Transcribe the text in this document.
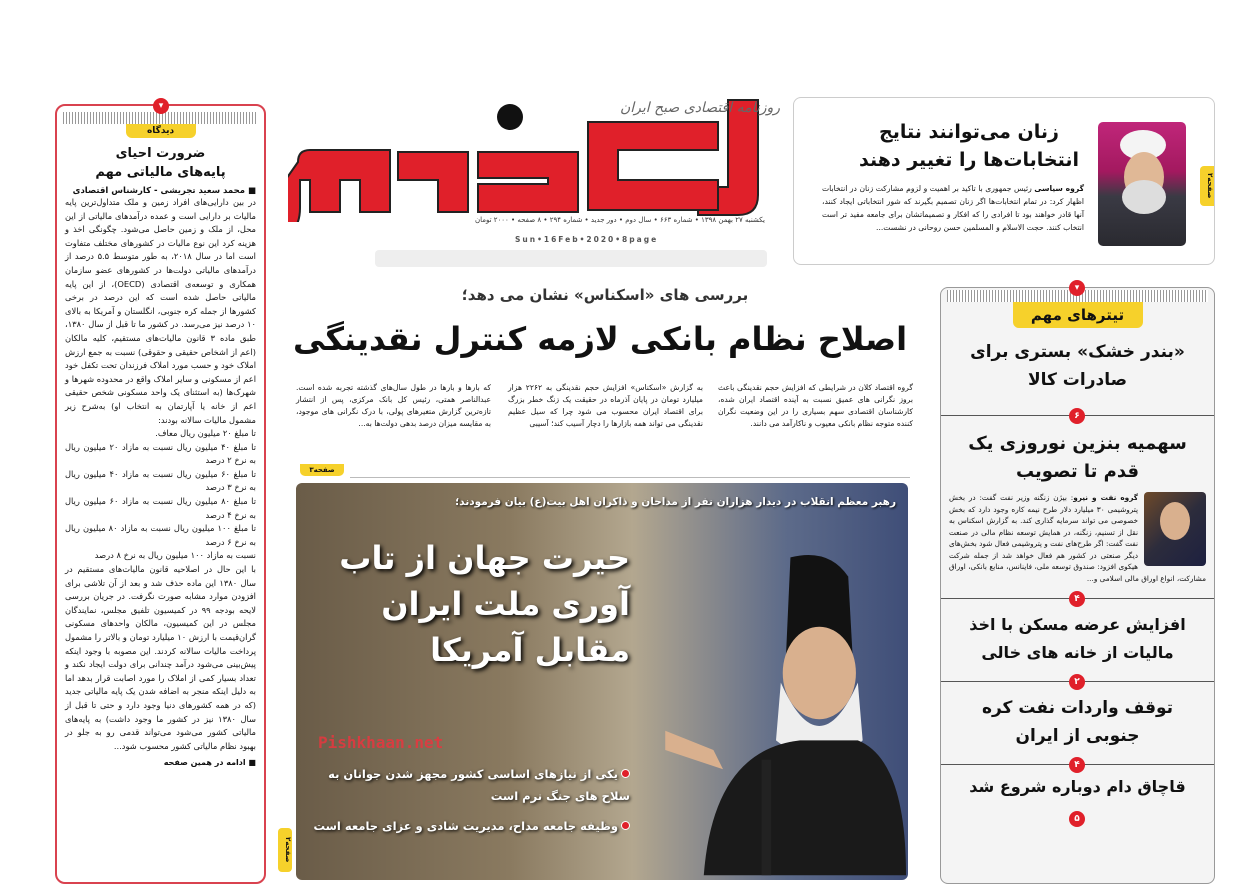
▾
دیدگاه
ضرورت احیای
پایه‌های مالیاتی مهم
■ محمد سعید تجریشی - کارشناس اقتصادی
در بین دارایی‌های افراد زمین و ملک متداول‌ترین پایه مالیات بر دارایی است و عمده درآمدهای مالیاتی از این محل، از ملک و زمین حاصل می‌شود. چگونگی اخذ و هزینه کرد این نوع مالیات در کشورهای مختلف متفاوت است اما در سال ۲۰۱۸، به طور متوسط ۵.۵ درصد از درآمدهای مالیاتی دولت‌ها در کشورهای عضو سازمان همکاری و توسعه‌ی اقتصادی (OECD)، از این پایه مالیاتی حاصل شده است که این درصد در برخی کشورها از جمله کره جنوبی، انگلستان و آمریکا به بالای ۱۰ درصد نیز می‌رسد. در کشور ما تا قبل از سال ۱۳۸۰، طبق ماده ۳ قانون مالیات‌های مستقیم، کلیه مالکان (اعم از اشخاص حقیقی و حقوقی) نسبت به جمع ارزش املاک خود و حسب مورد املاک فرزندان تحت تکفل خود اعم از مسکونی و سایر املاک واقع در محدوده شهرها و شهرک‌ها (به استثنای یک واحد مسکونی شخص حقیقی اعم از خانه یا آپارتمان به انتخاب او) به‌شرح زیر مشمول مالیات سالانه بودند:
تا مبلغ ۲۰ میلیون ریال معاف.
تا مبلغ ۴۰ میلیون ریال نسبت به مازاد ۲۰ میلیون ریال به نرخ ۲ درصد
تا مبلغ ۶۰ میلیون ریال نسبت به مازاد ۴۰ میلیون ریال به نرخ ۳ درصد
تا مبلغ ۸۰ میلیون ریال نسبت به مازاد ۶۰ میلیون ریال به نرخ ۴ درصد
تا مبلغ ۱۰۰ میلیون ریال نسبت به مازاد ۸۰ میلیون ریال به نرخ ۶ درصد
نسبت به مازاد ۱۰۰ میلیون ریال به نرخ ۸ درصد
با این حال در اصلاحیه قانون مالیات‌های مستقیم در سال ۱۳۸۰ این ماده حذف شد و بعد از آن تلاشی برای افزودن موارد مشابه صورت نگرفت. در جریان بررسی لایحه بودجه ۹۹ در کمیسیون تلفیق مجلس، نمایندگان مجلس در این کمیسیون، مالکان واحدهای مسکونی گران‌قیمت با ارزش ۱۰ میلیارد تومان و بالاتر را مشمول پرداخت مالیات سالانه کردند. این مصوبه با وجود اینکه پیش‌بینی می‌شود درآمد چندانی برای دولت ایجاد نکند و تعداد بسیار کمی از املاک را مورد اصابت قرار بدهد اما به دلیل اینکه منجر به اضافه شدن یک پایه مالیاتی جدید (که در همه کشورهای دنیا وجود دارد و حتی تا قبل از سال ۱۳۸۰ نیز در کشور ما وجود داشت) به پایه‌های مالیاتی کشور می‌شود می‌تواند قدمی رو به جلو در بهبود نظام مالیاتی کشور محسوب شود...
■ ادامه در همین صفحه
روزنامه اقتصادی صبح ایران
یکشنبه ۲۷ بهمن ۱۳۹۸ • شماره ۶۶۳ • سال دوم • دور جدید • شماره ۲۹۴ • ۸ صفحه • ۲۰۰۰ تومان
Sun•16Feb•2020•8page
زنان می‌توانند نتایج انتخابات‌ها را تغییر دهند

گروه سیاسی رئیس جمهوری با تاکید بر اهمیت و لزوم مشارکت زنان در انتخابات اظهار کرد: در تمام انتخابات‌ها اگر زنان تصمیم بگیرند که شور انتخاباتی ایجاد کنند، آنها قادر خواهند بود تا افرادی را که افکار و تصمیماتشان برای جامعه مفید تر است انتخاب کنند. حجت الاسلام و المسلمین حسن روحانی در نشست...

صفحه۲
بررسی های «اسکناس» نشان می دهد؛
اصلاح نظام بانکی لازمه کنترل نقدینگی
گروه اقتصاد کلان در شرایطی که افزایش حجم نقدینگی باعث بروز نگرانی های عمیق نسبت به آینده اقتصاد ایران شده، کارشناسان اقتصادی سهم بسیاری را در این وضعیت نگران کننده متوجه نظام بانکی معیوب و ناکارآمد می دانند.
به گزارش «اسکناس» افزایش حجم نقدینگی به ۲۲۶۲ هزار میلیارد تومان در پایان آذرماه در حقیقت یک زنگ خطر بزرگ برای اقتصاد ایران محسوب می شود چرا که سیل عظیم نقدینگی می تواند همه بازارها را دچار آسیب کند؛ آسیبی
که بارها و بارها در طول سال‌های گذشته تجربه شده است. عبدالناصر همتی، رئیس کل بانک مرکزی، پس از انتشار تازه‌ترین گزارش متغیرهای پولی، با درک نگرانی های موجود، به مقایسه میزان درصد بدهی دولت‌ها به...
صفحه۳
رهبر معظم انقلاب در دیدار هزاران نفر از مداحان و ذاکران اهل بیت(ع) بیان فرمودند؛
حیرت جهان از تاب آوری ملت ایران مقابل آمریکا
Pishkhaan.net
یکی از نیازهای اساسی کشور مجهز شدن جوانان به سلاح های جنگ نرم است
وظیفه جامعه مداح، مدیریت شادی و عزای جامعه است
صفحه۲
▾
تیترهای مهم
«بندر خشک» بستری برای صادرات کالا
۶
سهمیه بنزین نوروزی یک قدم تا تصویب

گروه نفت و نیرو: بیژن زنگنه وزیر نفت گفت: در بخش پتروشیمی ۳۰ میلیارد دلار طرح نیمه کاره وجود دارد که بخش خصوصی می تواند سرمایه گذاری کند. به گزارش اسکناس به نقل از تسنیم، زنگنه، در همایش توسعه نظام مالی در صنعت نفت گفت: اگر طرح‌های نفت و پتروشیمی فعال شود بخش‌های دیگر صنعتی در کشور هم فعال خواهد شد از جمله شرکت هیکوی افزود: صندوق توسعه ملی، فاینانس، منابع بانکی، اوراق مشارکت، انواع اوراق مالی اسلامی و...

۴
افزایش عرضه مسکن با اخذ مالیات از خانه های خالی
۲
توقف واردات نفت کره جنوبی از ایران
۴
قاچاق دام دوباره شروع شد
۵
